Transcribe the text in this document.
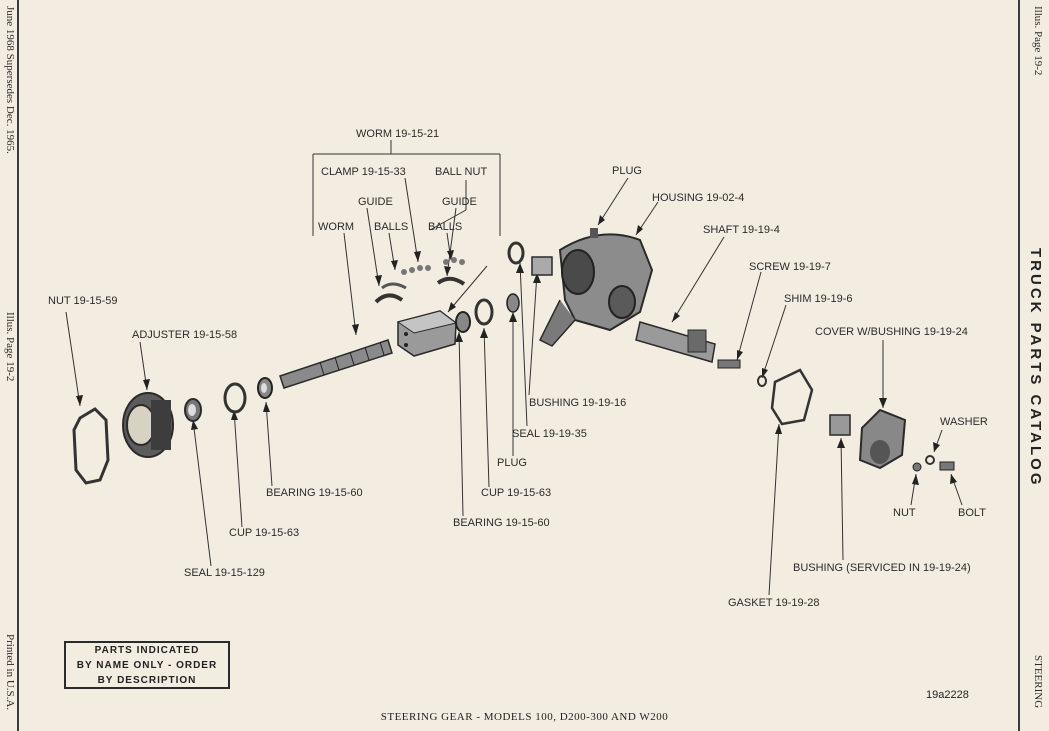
June 1968 Supersedes Dec. 1965.
Illus. Page 19-2
Printed in U.S.A.
Illus. Page 19-2
TRUCK PARTS CATALOG
STEERING
WORM 19-15-21
CLAMP 19-15-33	BALL NUT
GUIDE	GUIDE
WORM BALLS BALLS
NUT 19-15-59
ADJUSTER 19-15-58
BEARING 19-15-60
CUP 19-15-63
SEAL 19-15-129
PLUG
HOUSING 19-02-4
SHAFT 19-19-4
SCREW 19-19-7
SHIM 19-19-6
COVER W/BUSHING 19-19-24
BUSHING 19-19-16
SEAL 19-19-35
PLUG
CUP 19-15-63
BEARING 19-15-60
WASHER
NUT	BOLT
BUSHING (SERVICED IN 19-19-24)
GASKET 19-19-28
PARTS INDICATED
BY NAME ONLY - ORDER
BY DESCRIPTION
19a2228
STEERING GEAR - MODELS 100, D200-300 AND W200
